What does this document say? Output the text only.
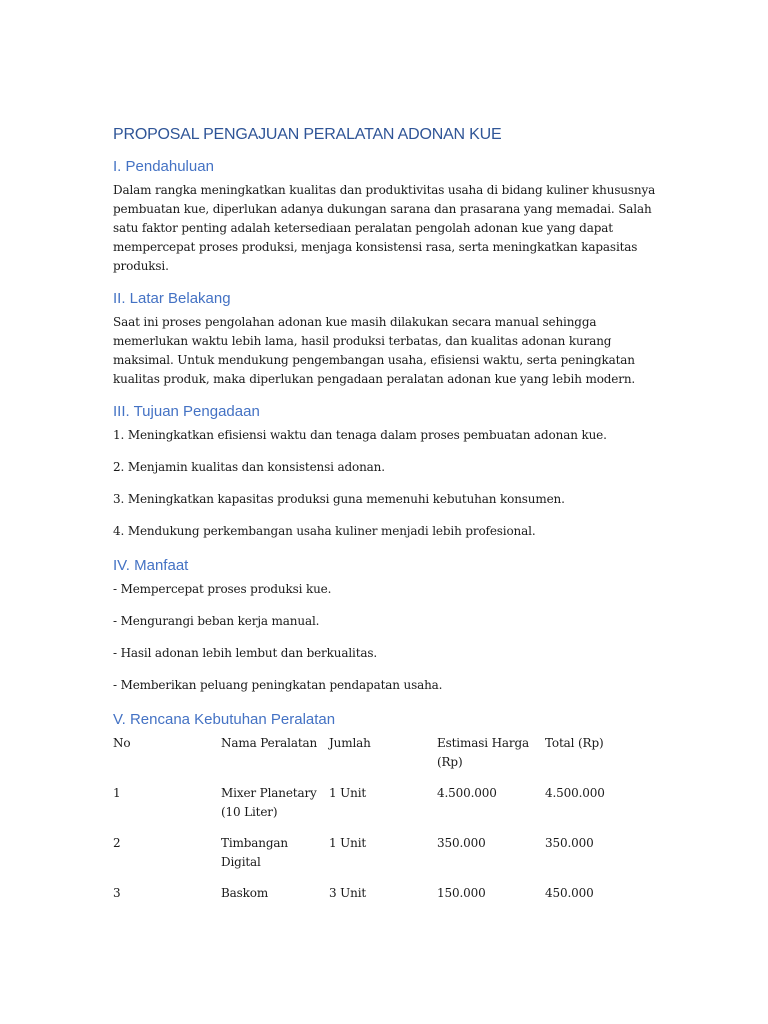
PROPOSAL PENGAJUAN PERALATAN ADONAN KUE
I. Pendahuluan

Dalam rangka meningkatkan kualitas dan produktivitas usaha di bidang kuliner khususnya pembuatan kue, diperlukan adanya dukungan sarana dan prasarana yang memadai. Salah satu faktor penting adalah ketersediaan peralatan pengolah adonan kue yang dapat mempercepat proses produksi, menjaga konsistensi rasa, serta meningkatkan kapasitas produksi.

II. Latar Belakang

Saat ini proses pengolahan adonan kue masih dilakukan secara manual sehingga memerlukan waktu lebih lama, hasil produksi terbatas, dan kualitas adonan kurang maksimal. Untuk mendukung pengembangan usaha, efisiensi waktu, serta peningkatan kualitas produk, maka diperlukan pengadaan peralatan adonan kue yang lebih modern.

III. Tujuan Pengadaan

1. Meningkatkan efisiensi waktu dan tenaga dalam proses pembuatan adonan kue.

2. Menjamin kualitas dan konsistensi adonan.

3. Meningkatkan kapasitas produksi guna memenuhi kebutuhan konsumen.

4. Mendukung perkembangan usaha kuliner menjadi lebih profesional.

IV. Manfaat

- Mempercepat proses produksi kue.

- Mengurangi beban kerja manual.

- Hasil adonan lebih lembut dan berkualitas.

- Memberikan peluang peningkatan pendapatan usaha.

V. Rencana Kebutuhan Peralatan
No	Nama Peralatan	Jumlah	Estimasi Harga (Rp)	Total (Rp)
1	Mixer Planetary (10 Liter)	1 Unit	4.500.000	4.500.000
2	Timbangan Digital	1 Unit	350.000	350.000
3	Baskom	3 Unit	150.000	450.000
